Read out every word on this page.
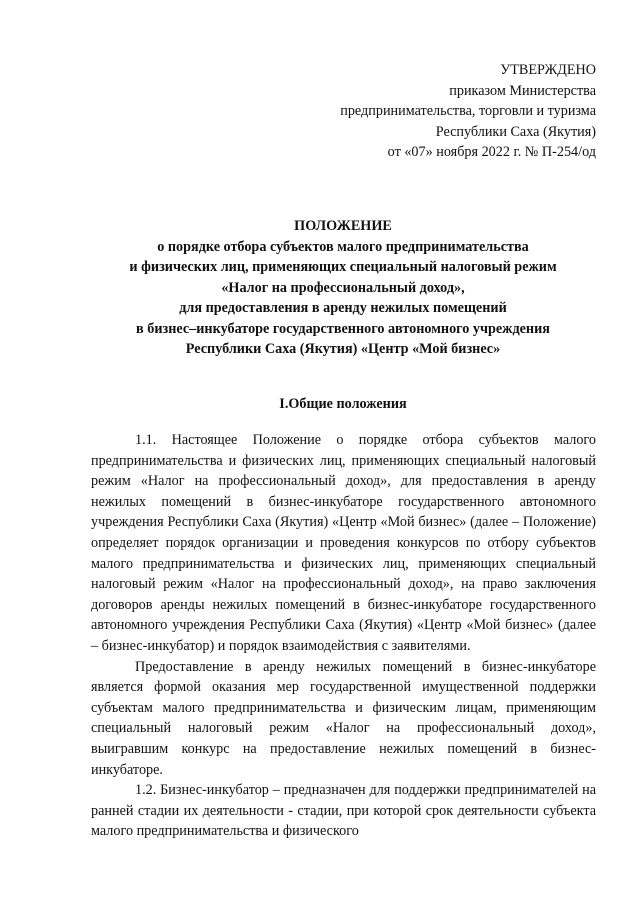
УТВЕРЖДЕНО
приказом Министерства
предпринимательства, торговли и туризма
Республики Саха (Якутия)
от «07» ноября 2022 г. № П-254/од
ПОЛОЖЕНИЕ
о порядке отбора субъектов малого предпринимательства
и физических лиц, применяющих специальный налоговый режим
«Налог на профессиональный доход»,
для предоставления в аренду нежилых помещений
в бизнес–инкубаторе государственного автономного учреждения
Республики Саха (Якутия) «Центр «Мой бизнес»
I.Общие положения

1.1. Настоящее Положение о порядке отбора субъектов малого предпринимательства и физических лиц, применяющих специальный налоговый режим «Налог на профессиональный доход», для предоставления в аренду нежилых помещений в бизнес-инкубаторе государственного автономного учреждения Республики Саха (Якутия) «Центр «Мой бизнес» (далее – Положение) определяет порядок организации и проведения конкурсов по отбору субъектов малого предпринимательства и физических лиц, применяющих специальный налоговый режим «Налог на профессиональный доход», на право заключения договоров аренды нежилых помещений в бизнес-инкубаторе государственного автономного учреждения Республики Саха (Якутия) «Центр «Мой бизнес» (далее – бизнес-инкубатор) и порядок взаимодействия с заявителями.

Предоставление в аренду нежилых помещений в бизнес-инкубаторе является формой оказания мер государственной имущественной поддержки субъектам малого предпринимательства и физическим лицам, применяющим специальный налоговый режим «Налог на профессиональный доход», выигравшим конкурс на предоставление нежилых помещений в бизнес-инкубаторе.

1.2. Бизнес-инкубатор – предназначен для поддержки предпринимателей на ранней стадии их деятельности - стадии, при которой срок деятельности субъекта малого предпринимательства и физического
